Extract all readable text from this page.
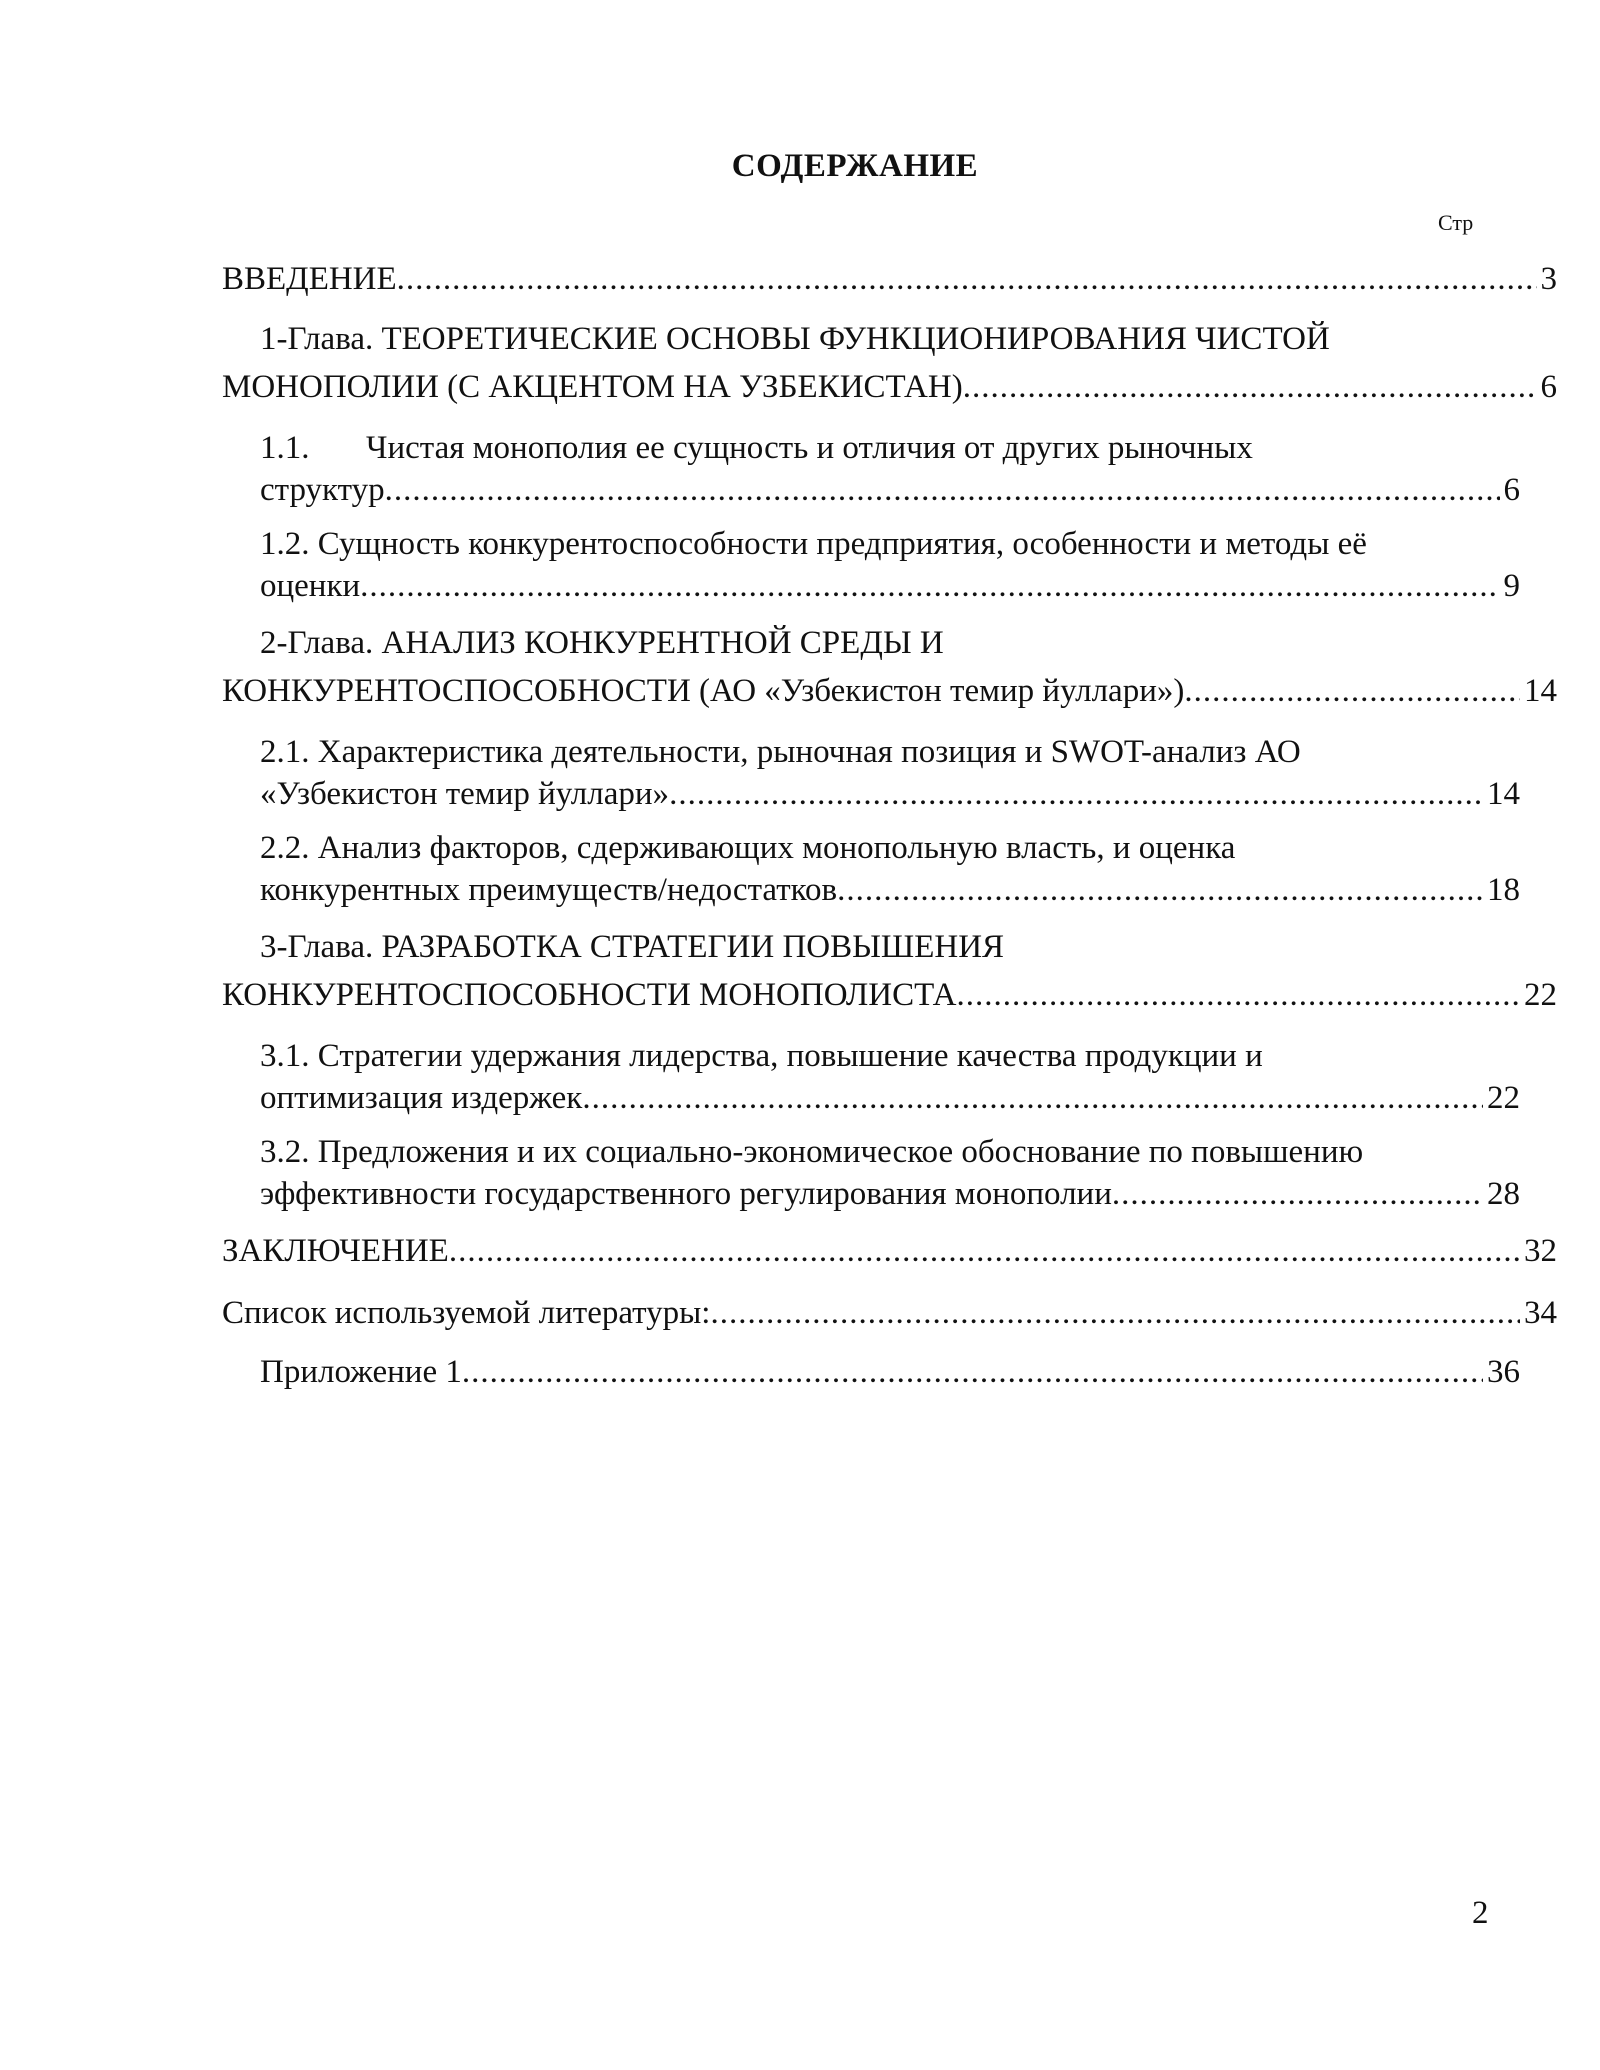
СОДЕРЖАНИЕ
Стр
ВВЕДЕНИЕ .....	3
1-Глава. ТЕОРЕТИЧЕСКИЕ ОСНОВЫ ФУНКЦИОНИРОВАНИЯ ЧИСТОЙ
МОНОПОЛИИ (С АКЦЕНТОМ НА УЗБЕКИСТАН) .....	6
1.1. Чистая монополия ее сущность и отличия от других рыночных
структур .....	6
1.2. Сущность конкурентоспособности предприятия, особенности и методы её
оценки .....	9
2-Глава. АНАЛИЗ КОНКУРЕНТНОЙ СРЕДЫ И
КОНКУРЕНТОСПОСОБНОСТИ (АО «Узбекистон темир йуллари») .....	14
2.1. Характеристика деятельности, рыночная позиция и SWOT-анализ АО
«Узбекистон темир йуллари» .....	14
2.2. Анализ факторов, сдерживающих монопольную власть, и оценка
конкурентных преимуществ/недостатков .....	18
3-Глава. РАЗРАБОТКА СТРАТЕГИИ ПОВЫШЕНИЯ
КОНКУРЕНТОСПОСОБНОСТИ МОНОПОЛИСТА .....	22
3.1. Стратегии удержания лидерства, повышение качества продукции и
оптимизация издержек .....	22
3.2. Предложения и их социально-экономическое обоснование по повышению
эффективности государственного регулирования монополии .....	28
ЗАКЛЮЧЕНИЕ .....	32
Список используемой литературы: .....	34
Приложение 1 .....	36
2
